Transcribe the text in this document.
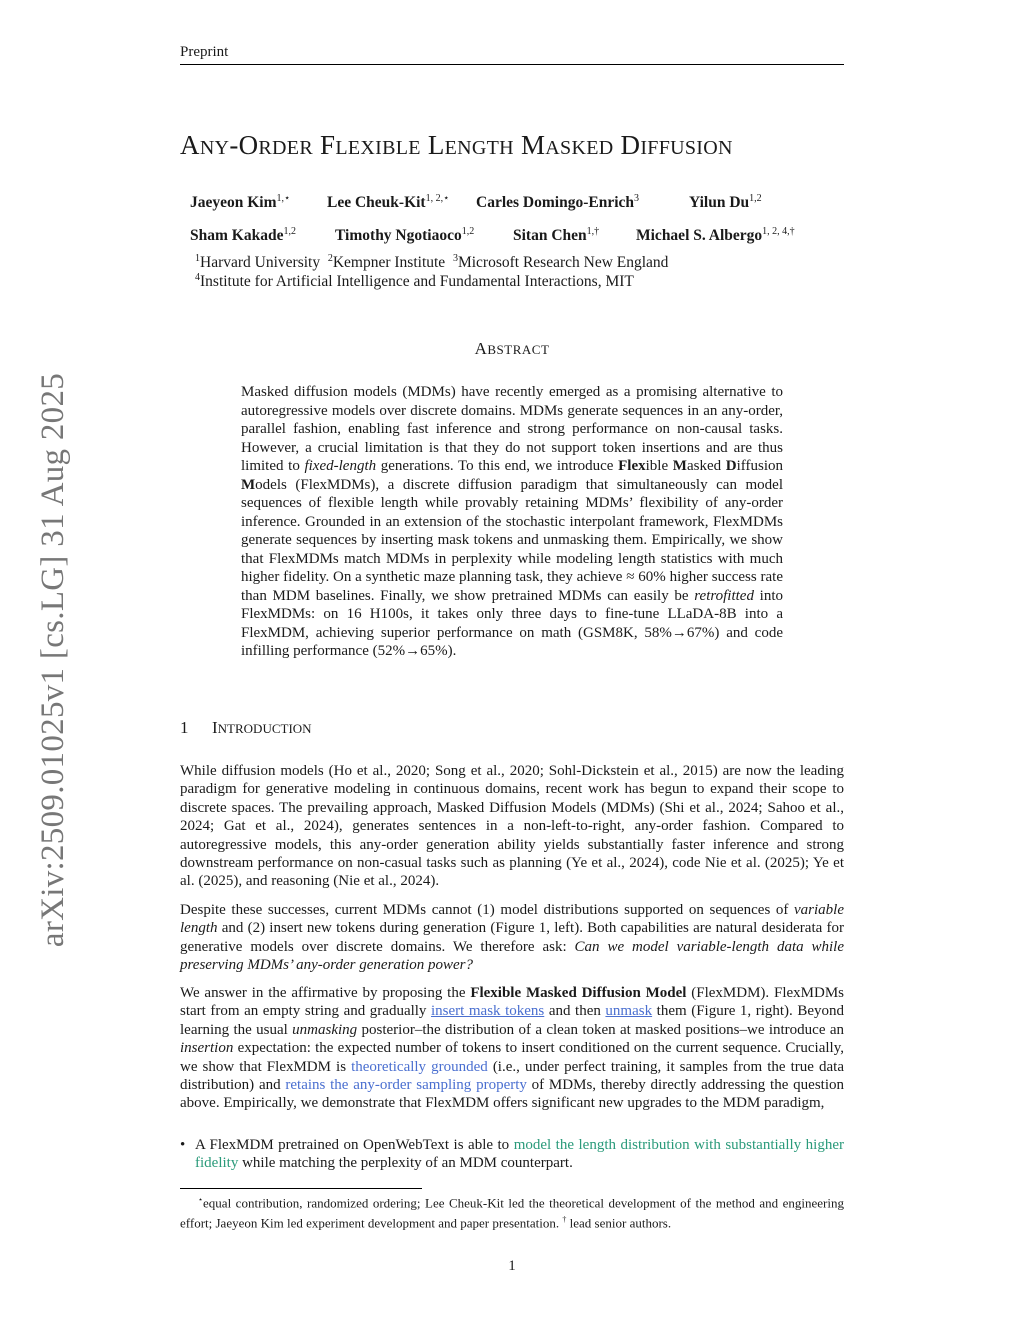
arXiv:2509.01025v1 [cs.LG] 31 Aug 2025
Preprint
ANY-ORDER FLEXIBLE LENGTH MASKED DIFFUSION
Jaeyeon Kim$^{1,⋆}$ Lee Cheuk-Kit$^{1, 2,⋆}$ Carles Domingo-Enrich$^3$	Yilun Du$^{1,2}$
Sham Kakade$^{1,2}$	Timothy Ngotiaoco$^{1,2}$	Sitan Chen$^{1,\dagger}$ Michael S. Albergo$^{1, 2, 4,\dagger}$
$^1$Harvard University $^2$Kempner Institute $^3$Microsoft Research New England
$^4$Institute for Artificial Intelligence and Fundamental Interactions, MIT
ABSTRACT
Masked diffusion models (MDMs) have recently emerged as a promising alternative to autoregressive models over discrete domains. MDMs generate sequences in an any-order, parallel fashion, enabling fast inference and strong performance on non-causal tasks. However, a crucial limitation is that they do not support token insertions and are thus limited to fixed-length generations. To this end, we introduce Flexible Masked Diffusion Models (FlexMDMs), a discrete diffusion paradigm that simultaneously can model sequences of flexible length while provably retaining MDMs’ flexibility of any-order inference. Grounded in an extension of the stochastic interpolant framework, FlexMDMs generate sequences by inserting mask tokens and unmasking them. Empirically, we show that FlexMDMs match MDMs in perplexity while modeling length statistics with much higher fidelity. On a synthetic maze planning task, they achieve ≈ 60% higher success rate than MDM baselines. Finally, we show pretrained MDMs can easily be retrofitted into FlexMDMs: on 16 H100s, it takes only three days to fine-tune LLaDA-8B into a FlexMDM, achieving superior performance on math (GSM8K, 58%→67%) and code infilling performance (52%→65%).
1 INTRODUCTION
While diffusion models (Ho et al., 2020; Song et al., 2020; Sohl-Dickstein et al., 2015) are now the leading paradigm for generative modeling in continuous domains, recent work has begun to expand their scope to discrete spaces. The prevailing approach, Masked Diffusion Models (MDMs) (Shi et al., 2024; Sahoo et al., 2024; Gat et al., 2024), generates sentences in a non-left-to-right, any-order fashion. Compared to autoregressive models, this any-order generation ability yields substantially faster inference and strong downstream performance on non-casual tasks such as planning (Ye et al., 2024), code Nie et al. (2025); Ye et al. (2025), and reasoning (Nie et al., 2024).
Despite these successes, current MDMs cannot (1) model distributions supported on sequences of variable length and (2) insert new tokens during generation (Figure 1, left). Both capabilities are natural desiderata for generative models over discrete domains. We therefore ask: Can we model variable-length data while preserving MDMs’ any-order generation power?
We answer in the affirmative by proposing the Flexible Masked Diffusion Model (FlexMDM). FlexMDMs start from an empty string and gradually insert mask tokens and then unmask them (Figure 1, right). Beyond learning the usual unmasking posterior–the distribution of a clean token at masked positions–we introduce an insertion expectation: the expected number of tokens to insert conditioned on the current sequence. Crucially, we show that FlexMDM is theoretically grounded (i.e., under perfect training, it samples from the true data distribution) and retains the any-order sampling property of MDMs, thereby directly addressing the question above. Empirically, we demonstrate that FlexMDM offers significant new upgrades to the MDM paradigm,
• A FlexMDM pretrained on OpenWebText is able to model the length distribution with substantially higher fidelity while matching the perplexity of an MDM counterpart.
⋆equal contribution, randomized ordering; Lee Cheuk-Kit led the theoretical development of the method and engineering effort; Jaeyeon Kim led experiment development and paper presentation. † lead senior authors.
1
